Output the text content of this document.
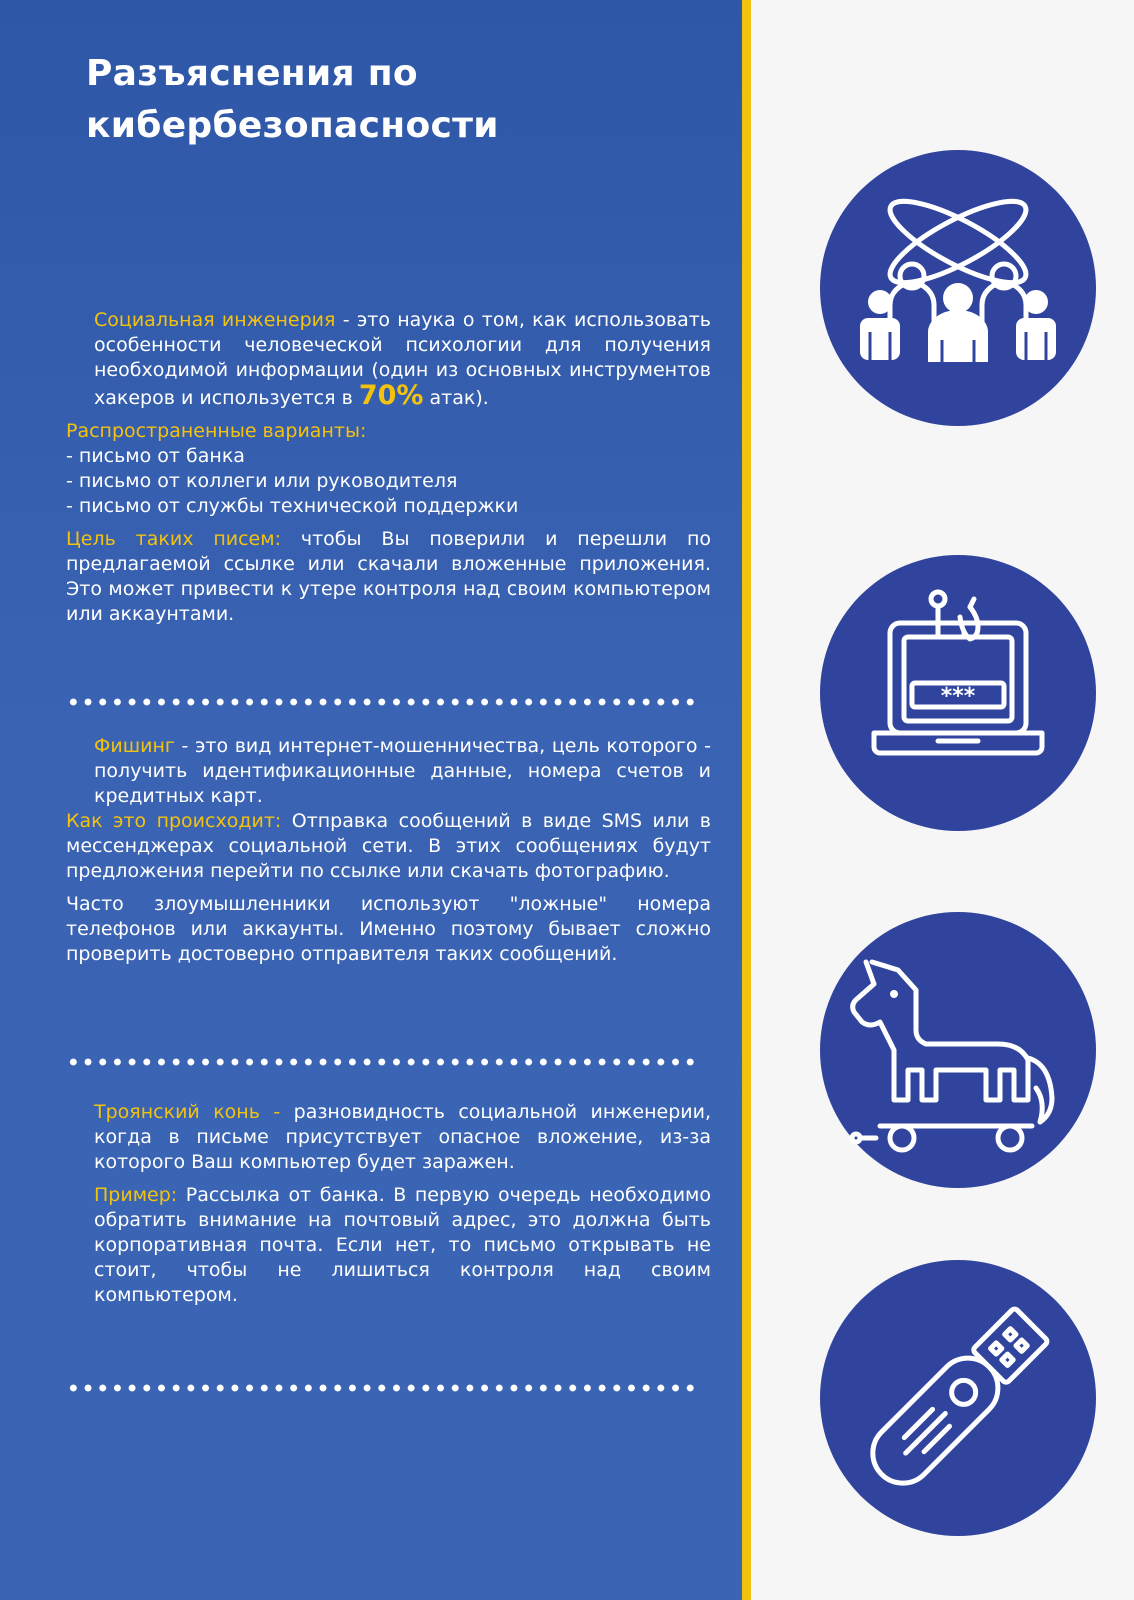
Разъяснения по
кибербезопасности

Социальная инженерия - это наука о том, как использовать особенности человеческой психологии для получения необходимой информации (один из основных инструментов хакеров и используется в 70% атак).

Распространенные варианты:

- письмо от банка
- письмо от коллеги или руководителя
- письмо от службы технической поддержки

Цель таких писем: чтобы Вы поверили и перешли по предлагаемой ссылке или скачали вложенные приложения. Это может привести к утере контроля над своим компьютером или аккаунтами.

Фишинг - это вид интернет-мошенничества, цель которого - получить идентификационные данные, номера счетов и кредитных карт.

Как это происходит: Отправка сообщений в виде SMS или в мессенджерах социальной сети. В этих сообщениях будут предложения перейти по ссылке или скачать фотографию.

Часто злоумышленники используют "ложные" номера телефонов или аккаунты. Именно поэтому бывает сложно проверить достоверно отправителя таких сообщений.

Троянский конь - разновидность социальной инженерии, когда в письме присутствует опасное вложение, из-за которого Ваш компьютер будет заражен.

Пример: Рассылка от банка. В первую очередь необходимо обратить внимание на почтовый адрес, это должна быть корпоративная почта. Если нет, то письмо открывать не стоит, чтобы не лишиться контроля над своим компьютером.

***
